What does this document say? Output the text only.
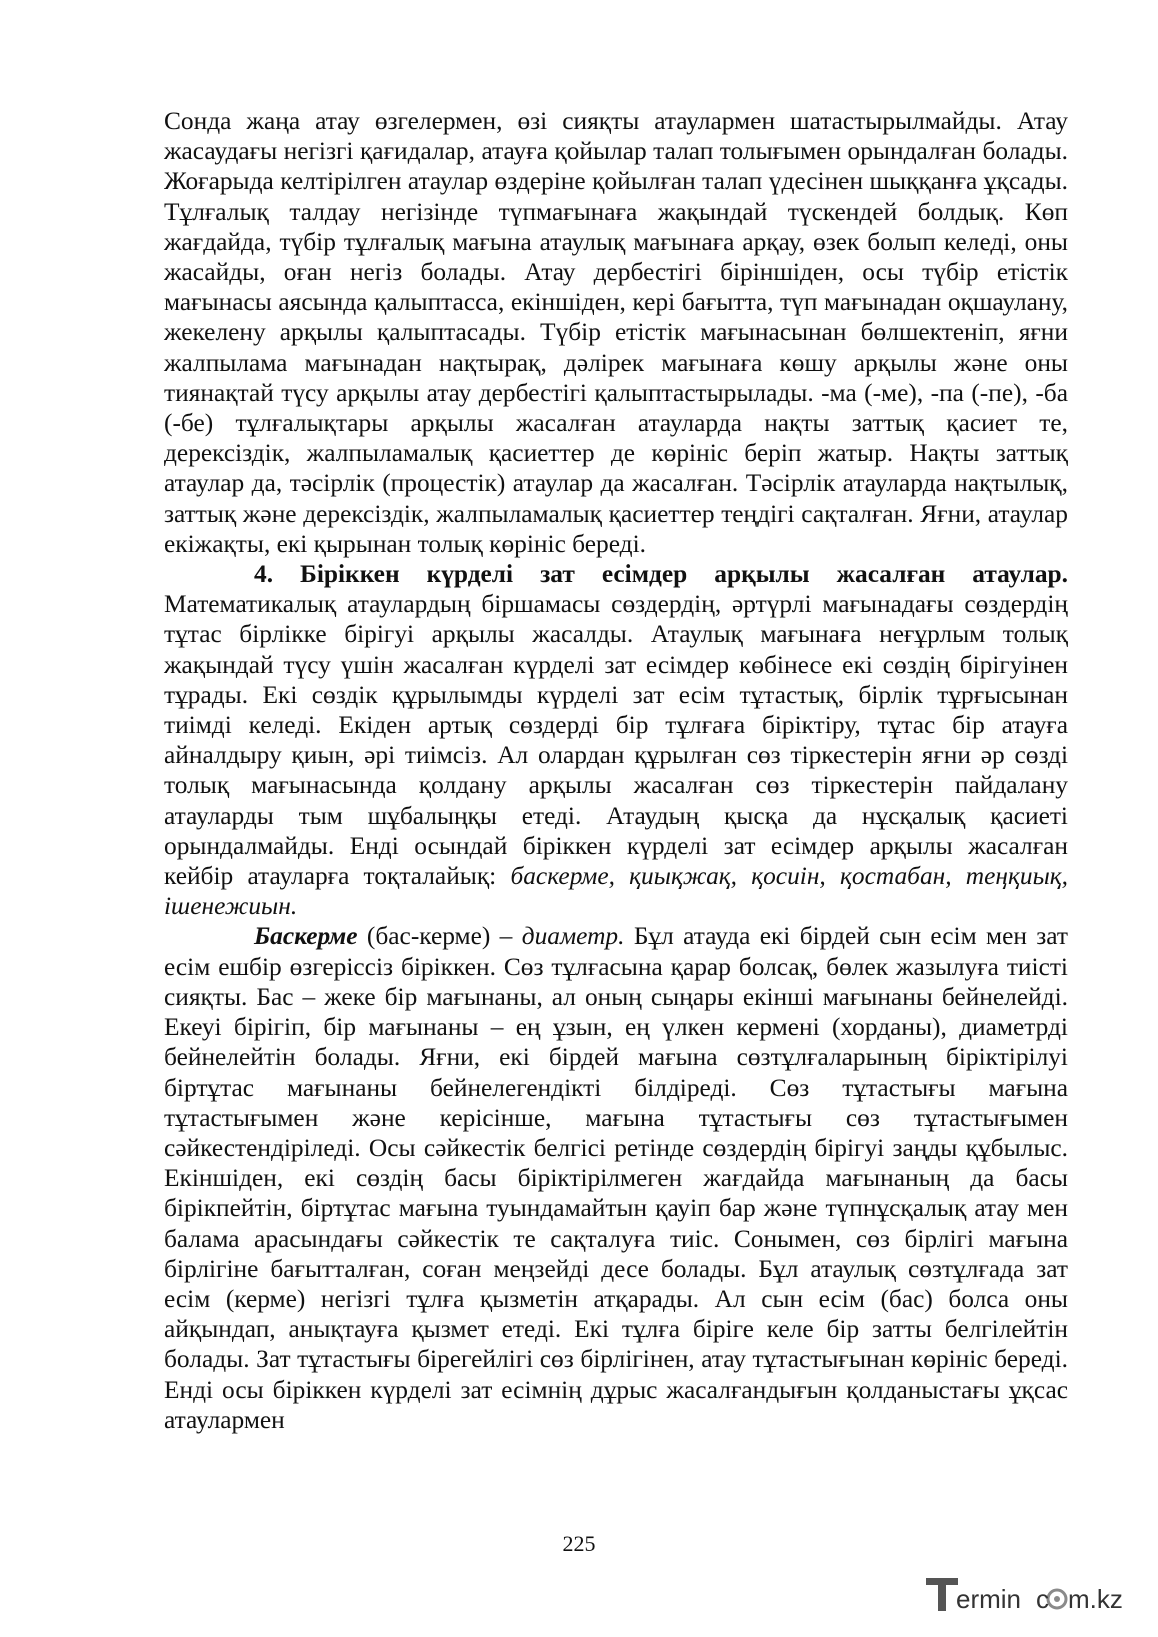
Сонда жаңа атау өзгелермен, өзі сияқты атаулармен шатастырылмайды. Атау жасаудағы негізгі қағидалар, атауға қойылар талап толығымен орындалған болады. Жоғарыда келтірілген атаулар өздеріне қойылған талап үдесінен шыққанға ұқсады. Тұлғалық талдау негізінде түпмағынаға жақындай түскендей болдық. Көп жағдайда, түбір тұлғалық мағына атаулық мағынаға арқау, өзек болып келеді, оны жасайды, оған негіз болады. Атау дербестігі біріншіден, осы түбір етістік мағынасы аясында қалыптасса, екіншіден, кері бағытта, түп мағынадан оқшаулану, жекелену арқылы қалыптасады. Түбір етістік мағынасынан бөлшектеніп, яғни жалпылама мағынадан нақтырақ, дәлірек мағынаға көшу арқылы және оны тиянақтай түсу арқылы атау дербестігі қалыптастырылады. -ма (-ме), -па (-пе), -ба (-бе) тұлғалықтары арқылы жасалған атауларда нақты заттық қасиет те, дерексіздік, жалпыламалық қасиеттер де көрініс беріп жатыр. Нақты заттық атаулар да, тәсірлік (процестік) атаулар да жасалған. Тәсірлік атауларда нақтылық, заттық және дерексіздік, жалпыламалық қасиеттер теңдігі сақталған. Яғни, атаулар екіжақты, екі қырынан толық көрініс береді.

4. Біріккен күрделі зат есімдер арқылы жасалған атаулар. Математикалық атаулардың біршамасы сөздердің, әртүрлі мағынадағы сөздердің тұтас бірлікке бірігуі арқылы жасалды. Атаулық мағынаға неғұрлым толық жақындай түсу үшін жасалған күрделі зат есімдер көбінесе екі сөздің бірігуінен тұрады. Екі сөздік құрылымды күрделі зат есім тұтастық, бірлік тұрғысынан тиімді келеді. Екіден артық сөздерді бір тұлғаға біріктіру, тұтас бір атауға айналдыру қиын, әрі тиімсіз. Ал олардан құрылған сөз тіркестерін яғни әр сөзді толық мағынасында қолдану арқылы жасалған сөз тіркестерін пайдалану атауларды тым шұбалыңқы етеді. Атаудың қысқа да нұсқалық қасиеті орындалмайды. Енді осындай біріккен күрделі зат есімдер арқылы жасалған кейбір атауларға тоқталайық: баскерме, қиықжақ, қосиін, қостабан, теңқиық, ішенежиын.

Баскерме (бас-керме) – диаметр. Бұл атауда екі бірдей сын есім мен зат есім ешбір өзгеріссіз біріккен. Сөз тұлғасына қарар болсақ, бөлек жазылуға тиісті сияқты. Бас – жеке бір мағынаны, ал оның сыңары екінші мағынаны бейнелейді. Екеуі бірігіп, бір мағынаны – ең ұзын, ең үлкен кермені (хорданы), диаметрді бейнелейтін болады. Яғни, екі бірдей мағына сөзтұлғаларының біріктірілуі біртұтас мағынаны бейнелегендікті білдіреді. Сөз тұтастығы мағына тұтастығымен және керісінше, мағына тұтастығы сөз тұтастығымен сәйкестендіріледі. Осы сәйкестік белгісі ретінде сөздердің бірігуі заңды құбылыс. Екіншіден, екі сөздің басы біріктірілмеген жағдайда мағынаның да басы бірікпейтін, біртұтас мағына туындамайтын қауіп бар және түпнұсқалық атау мен балама арасындағы сәйкестік те сақталуға тиіс. Сонымен, сөз бірлігі мағына бірлігіне бағытталған, соған меңзейді десе болады. Бұл атаулық сөзтұлғада зат есім (керме) негізгі тұлға қызметін атқарады. Ал сын есім (бас) болса оны айқындап, анықтауға қызмет етеді. Екі тұлға біріге келе бір затты белгілейтін болады. Зат тұтастығы бірегейлігі сөз бірлігінен, атау тұтастығынан көрініс береді. Енді осы біріккен күрделі зат есімнің дұрыс жасалғандығын қолданыстағы ұқсас атаулармен

225
ermin c m.kz
